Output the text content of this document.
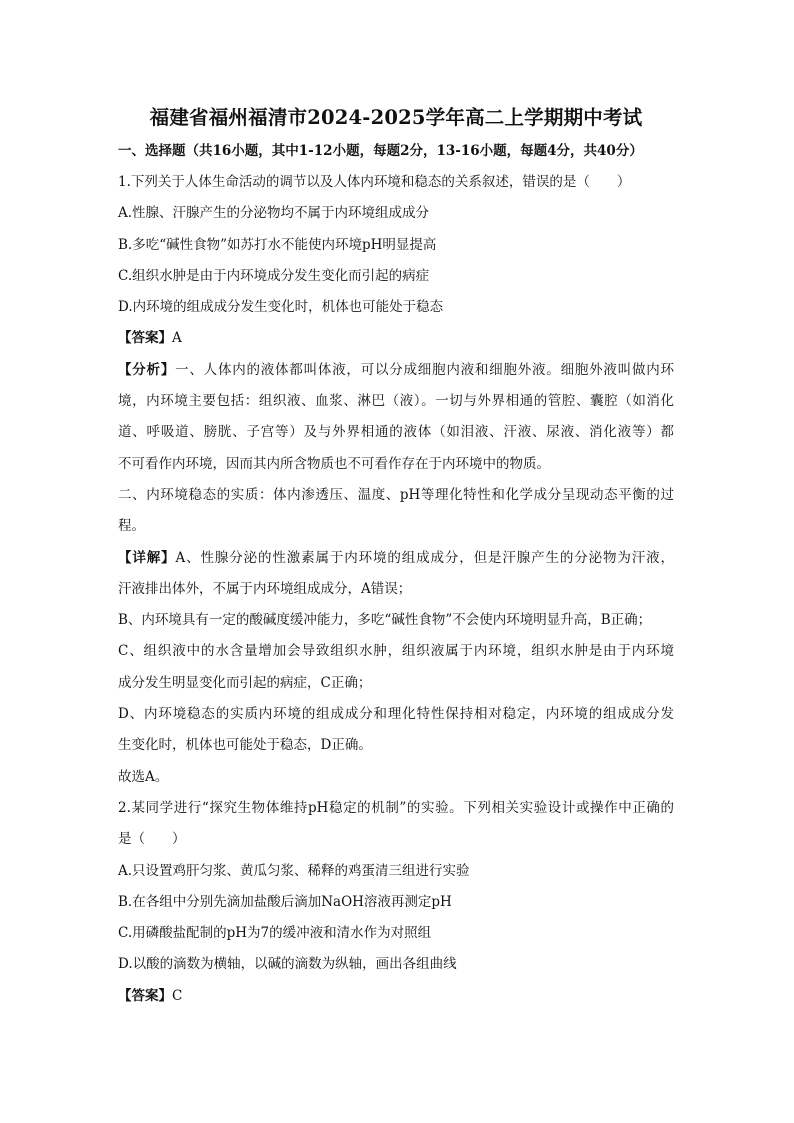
福建省福州福清市2024-2025学年高二上学期期中考试

一、选择题（共16小题，其中1-12小题，每题2分，13-16小题，每题4分，共40分）

1.下列关于人体生命活动的调节以及人体内环境和稳态的关系叙述，错误的是（　　）

A.性腺、汗腺产生的分泌物均不属于内环境组成成分

B.多吃“碱性食物”如苏打水不能使内环境pH明显提高

C.组织水肿是由于内环境成分发生变化而引起的病症

D.内环境的组成成分发生变化时，机体也可能处于稳态

【答案】A

【分析】一、人体内的液体都叫体液，可以分成细胞内液和细胞外液。细胞外液叫做内环
境，内环境主要包括：组织液、血浆、淋巴（液）。一切与外界相通的管腔、囊腔（如消化
道、呼吸道、膀胱、子宫等）及与外界相通的液体（如泪液、汗液、尿液、消化液等）都
不可看作内环境，因而其内所含物质也不可看作存在于内环境中的物质。
二、内环境稳态的实质：体内渗透压、温度、pH等理化特性和化学成分呈现动态平衡的过
程。
【详解】A、性腺分泌的性激素属于内环境的组成成分，但是汗腺产生的分泌物为汗液，
汗液排出体外，不属于内环境组成成分，A错误；

B、内环境具有一定的酸碱度缓冲能力，多吃“碱性食物”不会使内环境明显升高，B正确；

C、组织液中的水含量增加会导致组织水肿，组织液属于内环境，组织水肿是由于内环境
成分发生明显变化而引起的病症，C正确；
D、内环境稳态的实质内环境的组成成分和理化特性保持相对稳定，内环境的组成成分发
生变化时，机体也可能处于稳态，D正确。

故选A。

2.某同学进行“探究生物体维持pH稳定的机制”的实验。下列相关实验设计或操作中正确的
是（　　）

A.只设置鸡肝匀浆、黄瓜匀浆、稀释的鸡蛋清三组进行实验

B.在各组中分别先滴加盐酸后滴加NaOH溶液再测定pH

C.用磷酸盐配制的pH为7的缓冲液和清水作为对照组

D.以酸的滴数为横轴，以碱的滴数为纵轴，画出各组曲线

【答案】C
